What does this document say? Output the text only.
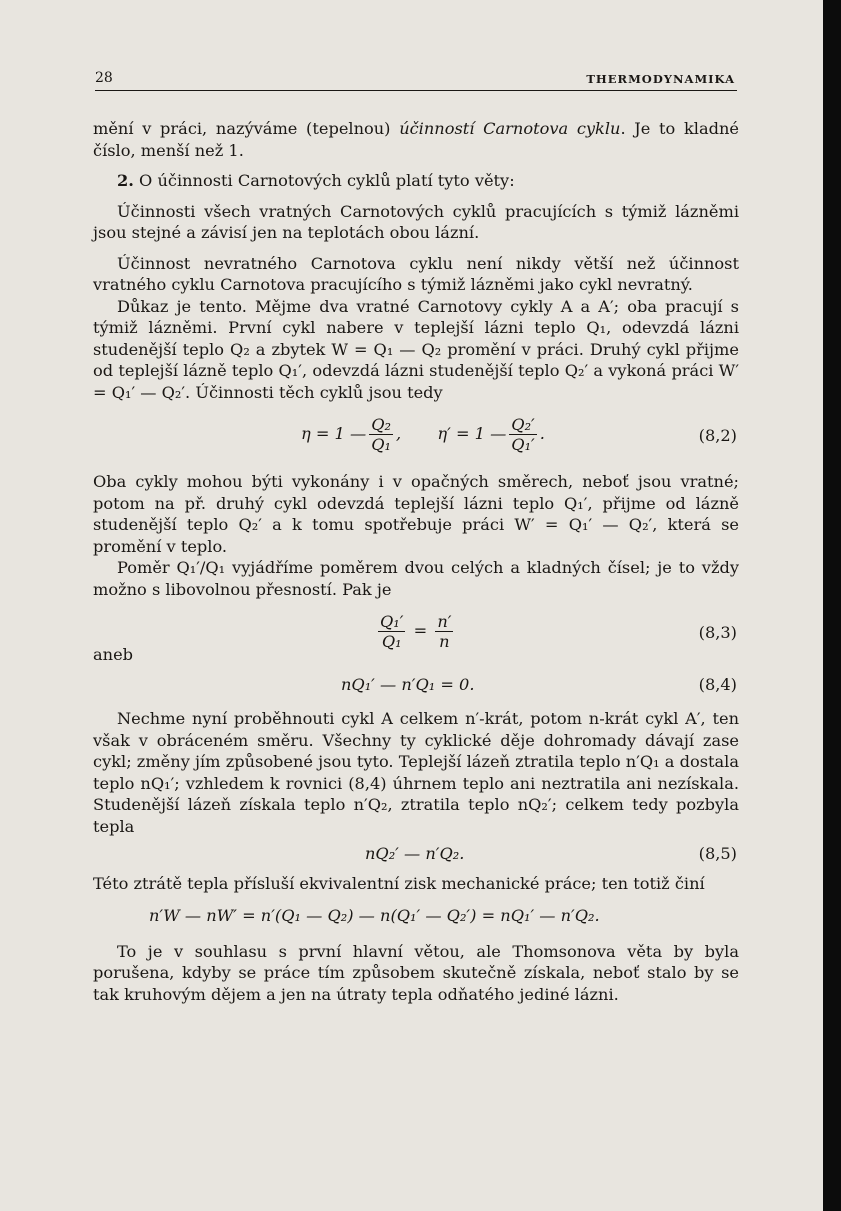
28	THERMODYNAMIKA

mění v práci, nazýváme (tepelnou) účinností Carnotova cyklu. Je to kladné číslo, menší než 1.

2. O účinnosti Carnotových cyklů platí tyto věty:

Účinnosti všech vratných Carnotových cyklů pracujících s týmiž lázněmi jsou stejné a závisí jen na teplotách obou lázní.

Účinnost nevratného Carnotova cyklu není nikdy větší než účinnost vratného cyklu Carnotova pracujícího s týmiž lázněmi jako cykl nevratný.

Důkaz je tento. Mějme dva vratné Carnotovy cykly A a A′; oba pracují s týmiž lázněmi. První cykl nabere v teplejší lázni teplo Q₁, odevzdá lázni studenější teplo Q₂ a zbytek W = Q₁ — Q₂ promění v práci. Druhý cykl přijme od teplejší lázně teplo Q₁′, odevzdá lázni studenější teplo Q₂′ a vykoná práci W′ = Q₁′ — Q₂′. Účinnosti těch cyklů jsou tedy

η = 1 — $\frac{\text{Q₂}}{\text{Q₁}}$ , η′ = 1 — $\frac{\text{Q₂′}}{\text{Q₁′}}$ .	(8,2)

Oba cykly mohou býti vykonány i v opačných směrech, neboť jsou vratné; potom na př. druhý cykl odevzdá teplejší lázni teplo Q₁′, přijme od lázně studenější teplo Q₂′ a k tomu spotřebuje práci W′ = Q₁′ — Q₂′, která se promění v teplo.

Poměr Q₁′/Q₁ vyjádříme poměrem dvou celých a kladných čísel; je to vždy možno s libovolnou přesností. Pak je

$\frac{\text{Q₁′}}{\text{Q₁}} = \frac{n'}{n}$	(8,3)
aneb
nQ₁′ — n′Q₁ = 0.	(8,4)

Nechme nyní proběhnouti cykl A celkem n′-krát, potom n-krát cykl A′, ten však v obráceném směru. Všechny ty cyklické děje dohromady dávají zase cykl; změny jím způsobené jsou tyto. Teplejší lázeň ztratila teplo n′Q₁ a dostala teplo nQ₁′; vzhledem k rovnici (8,4) úhrnem teplo ani neztratila ani nezískala. Studenější lázeň získala teplo n′Q₂, ztratila teplo nQ₂′; celkem tedy pozbyla tepla

nQ₂′ — n′Q₂.	(8,5)

Této ztrátě tepla přísluší ekvivalentní zisk mechanické práce; ten totiž činí

n′W — nW′ = n′(Q₁ — Q₂) — n(Q₁′ — Q₂′) = nQ₁′ — n′Q₂.

To je v souhlasu s první hlavní větou, ale Thomsonova věta by byla porušena, kdyby se práce tím způsobem skutečně získala, neboť stalo by se tak kruhovým dějem a jen na útraty tepla odňatého jediné lázni.
